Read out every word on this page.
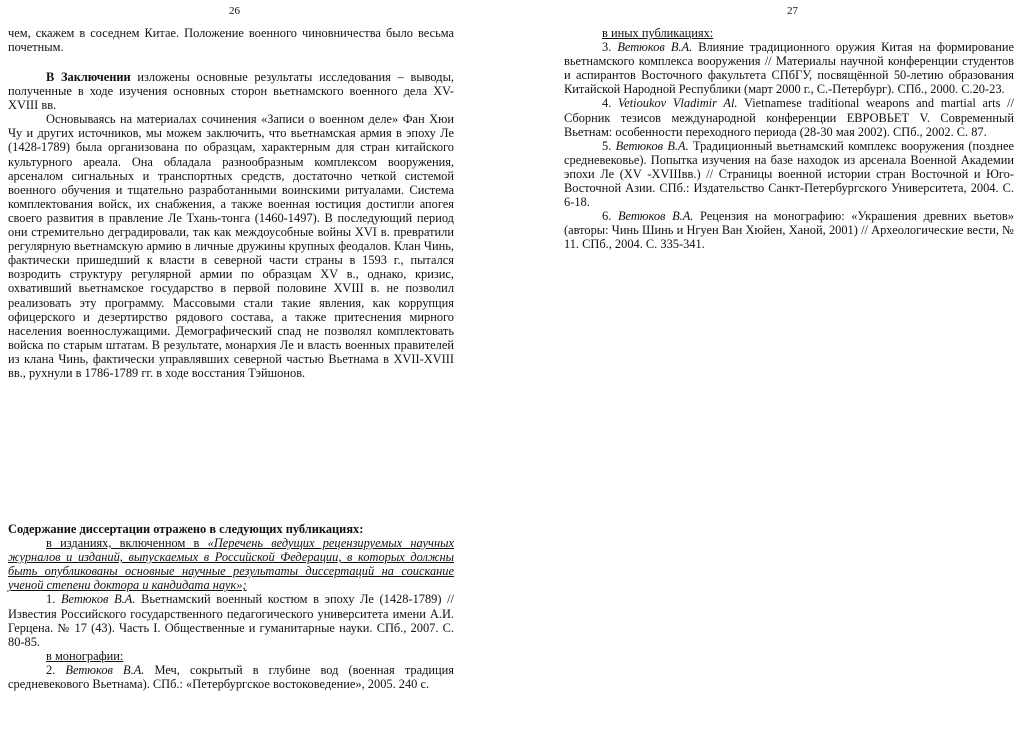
26	27

чем, скажем в соседнем Китае. Положение военного чиновничества было весьма почетным.

В Заключении изложены основные результаты исследования – выводы, полученные в ходе изучения основных сторон вьетнамского военного дела XV-XVIII вв.

Основываясь на материалах сочинения «Записи о военном деле» Фан Хюи Чу и других источников, мы можем заключить, что вьетнамская армия в эпоху Ле (1428-1789) была организована по образцам, характерным для стран китайского культурного ареала. Она обладала разнообразным комплексом вооружения, арсеналом сигнальных и транспортных средств, достаточно четкой системой военного обучения и тщательно разработанными воинскими ритуалами. Система комплектования войск, их снабжения, а также военная юстиция достигли апогея своего развития в правление Ле Тхань-тонга (1460-1497). В последующий период они стремительно деградировали, так как междоусобные войны XVI в. превратили регулярную вьетнамскую армию в личные дружины крупных феодалов. Клан Чинь, фактически пришедший к власти в северной части страны в 1593 г., пытался возродить структуру регулярной армии по образцам XV в., однако, кризис, охвативший вьетнамское государство в первой половине XVIII в. не позволил реализовать эту программу. Массовыми стали такие явления, как коррупция офицерского и дезертирство рядового состава, а также притеснения мирного населения военнослужащими. Демографический спад не позволял комплектовать войска по старым штатам. В результате, монархия Ле и власть военных правителей из клана Чинь, фактически управлявших северной частью Вьетнама в XVII-XVIII вв., рухнули в 1786-1789 гг. в ходе восстания Тэйшонов.

Содержание диссертации отражено в следующих публикациях:

в изданиях, включенном в «Перечень ведущих рецензируемых научных журналов и изданий, выпускаемых в Российской Федерации, в которых должны быть опубликованы основные научные результаты диссертаций на соискание ученой степени доктора и кандидата наук»;

1. Ветюков В.А. Вьетнамский военный костюм в эпоху Ле (1428-1789) // Известия Российского государственного педагогического университета имени А.И. Герцена. № 17 (43). Часть I. Общественные и гуманитарные науки. СПб., 2007. С. 80-85.

в монографии:

2. Ветюков В.А. Меч, сокрытый в глубине вод (военная традиция средневекового Вьетнама). СПб.: «Петербургское востоковедение», 2005. 240 с.

в иных публикациях:

3. Ветюков В.А. Влияние традиционного оружия Китая на формирование вьетнамского комплекса вооружения // Материалы научной конференции студентов и аспирантов Восточного факультета СПбГУ, посвящённой 50-летию образования Китайской Народной Республики (март 2000 г., С.-Петербург). СПб., 2000. С.20-23.

4. Vetioukov Vladimir Al. Vietnamese traditional weapons and martial arts // Сборник тезисов международной конференции ЕВРОВЬЕТ V. Современный Вьетнам: особенности переходного периода (28-30 мая 2002). СПб., 2002. С. 87.

5. Ветюков В.А. Традиционный вьетнамский комплекс вооружения (позднее средневековье). Попытка изучения на базе находок из арсенала Военной Академии эпохи Ле (XV -XVIIIвв.) // Страницы военной истории стран Восточной и Юго-Восточной Азии. СПб.: Издательство Санкт-Петербургского Университета, 2004. С. 6-18.

6. Ветюков В.А. Рецензия на монографию: «Украшения древних вьетов» (авторы: Чинь Шинь и Нгуен Ван Хюйен, Ханой, 2001) // Археологические вести, № 11. СПб., 2004. С. 335-341.
